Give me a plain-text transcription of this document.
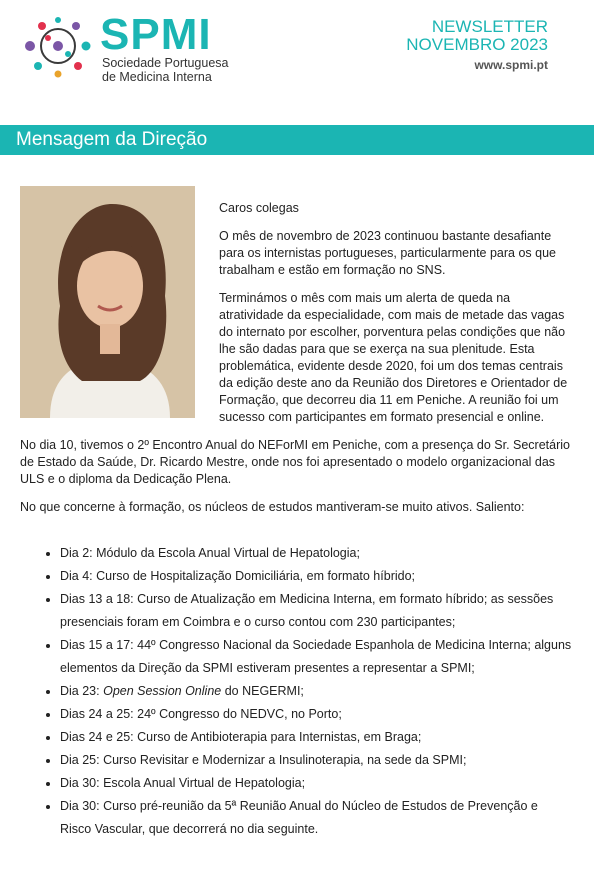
SPMI
Sociedade Portuguesa
de Medicina Interna
NEWSLETTER
NOVEMBRO 2023
www.spmi.pt
Mensagem da Direção

Caros colegas

O mês de novembro de 2023 continuou bastante desafiante para os internistas portugueses, particularmente para os que trabalham e estão em formação no SNS.

Terminámos o mês com mais um alerta de queda na atratividade da especialidade, com mais de metade das vagas do internato por escolher, porventura pelas condições que não lhe são dadas para que se exerça na sua plenitude. Esta problemática, evidente desde 2020, foi um dos temas centrais da edição deste ano da Reunião dos Diretores e Orientador de Formação, que decorreu dia 11 em Peniche. A reunião foi um sucesso com participantes em formato presencial e online.

No dia 10, tivemos o 2º Encontro Anual do NEForMI em Peniche, com a presença do Sr. Secretário de Estado da Saúde, Dr. Ricardo Mestre, onde nos foi apresentado o modelo organizacional das ULS e o diploma da Dedicação Plena.

No que concerne à formação, os núcleos de estudos mantiveram-se muito ativos. Saliento:

• Dia 2: Módulo da Escola Anual Virtual de Hepatologia;
• Dia 4: Curso de Hospitalização Domiciliária, em formato híbrido;
• Dias 13 a 18: Curso de Atualização em Medicina Interna, em formato híbrido; as sessões presenciais foram em Coimbra e o curso contou com 230 participantes;
• Dias 15 a 17: 44º Congresso Nacional da Sociedade Espanhola de Medicina Interna; alguns elementos da Direção da SPMI estiveram presentes a representar a SPMI;
• Dia 23: Open Session Online do NEGERMI;
• Dias 24 a 25: 24º Congresso do NEDVC, no Porto;
• Dias 24 e 25: Curso de Antibioterapia para Internistas, em Braga;
• Dia 25: Curso Revisitar e Modernizar a Insulinoterapia, na sede da SPMI;
• Dia 30: Escola Anual Virtual de Hepatologia;
• Dia 30: Curso pré-reunião da 5ª Reunião Anual do Núcleo de Estudos de Prevenção e Risco Vascular, que decorrerá no dia seguinte.
